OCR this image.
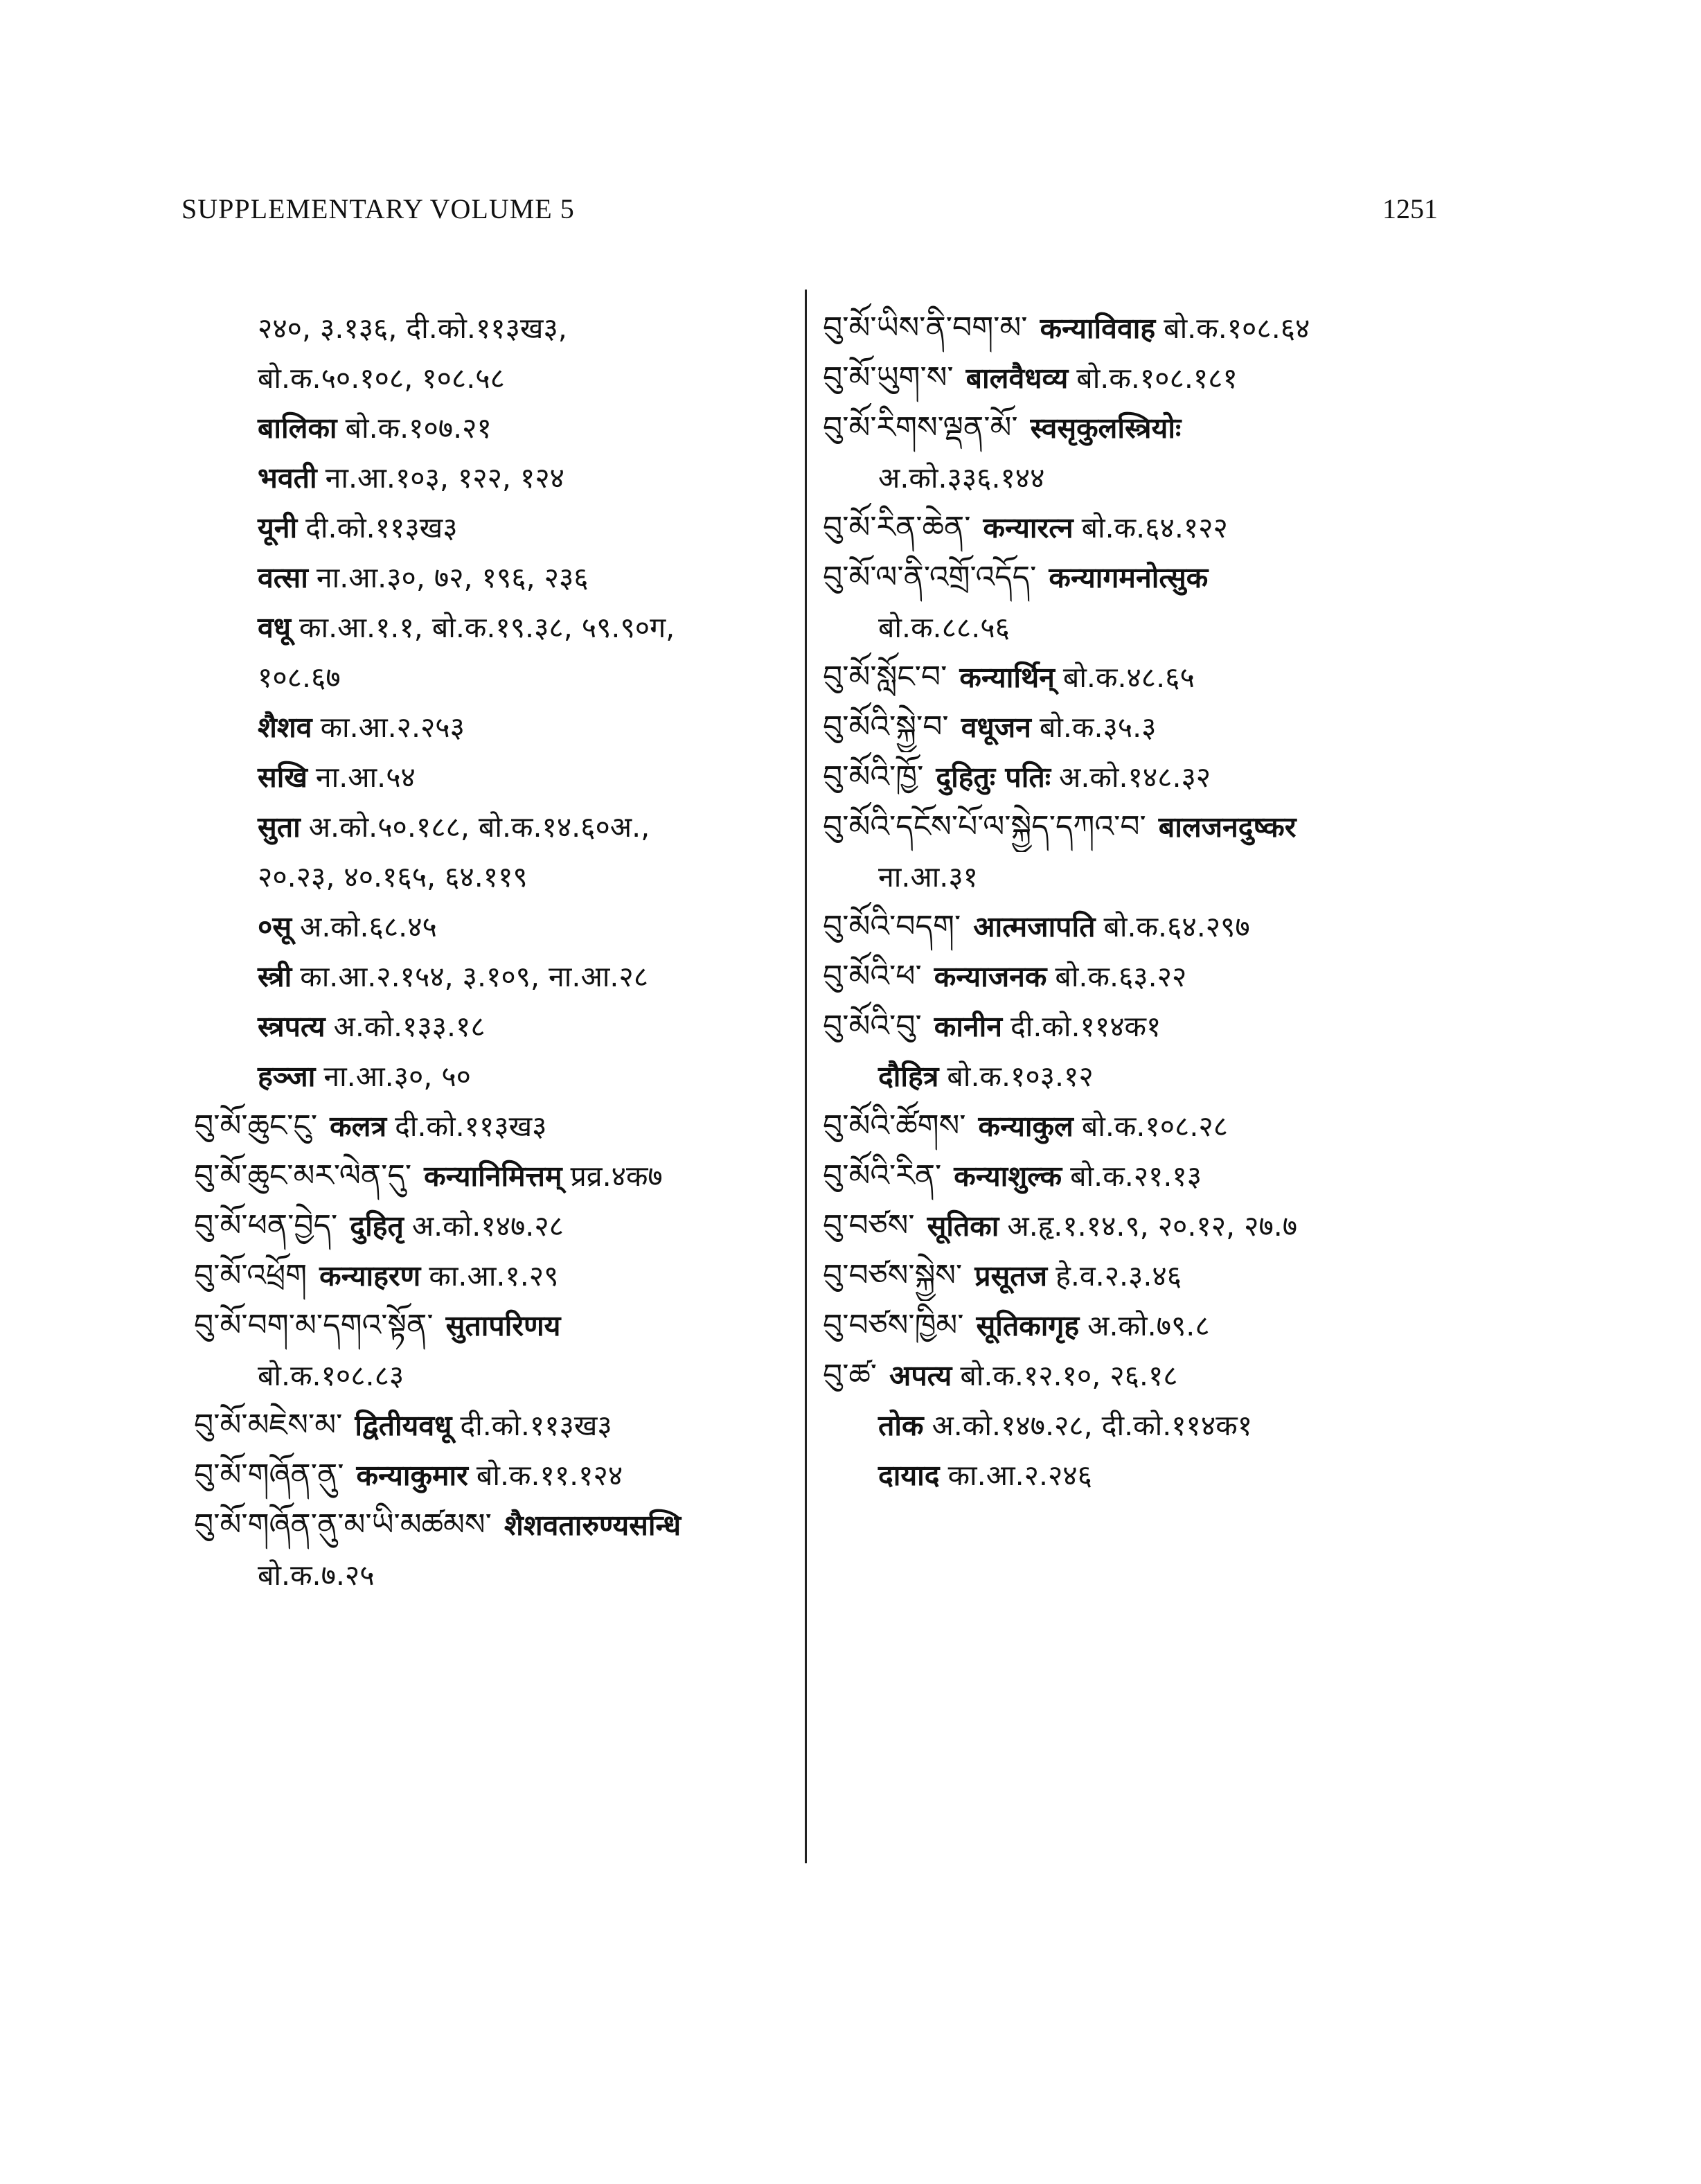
SUPPLEMENTARY VOLUME 5	1251
२४०, ३.१३६, दी.को.११३ख३,
बो.क.५०.१०८, १०८.५८
बालिका बो.क.१०७.२१
भवती ना.आ.१०३, १२२, १२४
यूनी दी.को.११३ख३
वत्सा ना.आ.३०, ७२, १९६, २३६
वधू का.आ.१.१, बो.क.१९.३८, ५९.९०ग,
१०८.६७
शैशव का.आ.२.२५३
सखि ना.आ.५४
सुता अ.को.५०.१८८, बो.क.१४.६०अ.,
२०.२३, ४०.१६५, ६४.११९
०सू अ.को.६८.४५
स्त्री का.आ.२.१५४, ३.१०९, ना.आ.२८
स्त्रपत्य अ.को.१३३.१८
हञ्जा ना.आ.३०, ५०
བུ་མོ་ཆུང་ངུ་ कलत्र दी.को.११३ख३
བུ་མོ་ཆུང་མར་ལེན་དུ་ कन्यानिमित्तम् प्रव्र.४क७
བུ་མོ་ཕན་བྱེད་ दुहितृ अ.को.१४७.२८
བུ་མོ་འཕྲོག कन्याहरण का.आ.१.२९
བུ་མོ་བག་མ་དགའ་སྟོན་ सुतापरिणय
बो.क.१०८.८३
བུ་མོ་མཇེས་མ་ द्वितीयवधू दी.को.११३ख३
བུ་མོ་གཞོན་ནུ་ कन्याकुमार बो.क.११.१२४
བུ་མོ་གཞོན་ནུ་མ་ཡི་མཚམས་ शैशवतारुण्यसन्धि
बो.क.७.२५
བུ་མོ་ཡིས་ནི་བག་མ་ कन्याविवाह बो.क.१०८.६४
བུ་མོ་ཡུག་ས་ बालवैधव्य बो.क.१०८.१८१
བུ་མོ་རིགས་ལྡན་མོ་ स्वसृकुलस्त्रियोः
अ.को.३३६.१४४
བུ་མོ་རིན་ཆེན་ कन्यारत्न बो.क.६४.१२२
བུ་མོ་ལ་ནི་འགྲོ་འདོད་ कन्यागमनोत्सुक
बो.क.८८.५६
བུ་མོ་སློང་བ་ कन्यार्थिन् बो.क.४८.६५
བུ་མོའི་སྐྱེ་བ་ वधूजन बो.क.३५.३
བུ་མོའི་ཁྱོ་ दुहितुः पतिः अ.को.१४८.३२
བུ་མོའི་དངོས་པོ་ལ་སྐྱེད་དཀའ་བ་ बालजनदुष्कर
ना.आ.३१
བུ་མོའི་བདག་ आत्मजापति बो.क.६४.२९७
བུ་མོའི་ཕ་ कन्याजनक बो.क.६३.२२
བུ་མོའི་བུ་ कानीन दी.को.११४क१
दौहित्र बो.क.१०३.१२
བུ་མོའི་ཚོགས་ कन्याकुल बो.क.१०८.२८
བུ་མོའི་རིན་ कन्याशुल्क बो.क.२१.१३
བུ་བཙས་ सूतिका अ.हृ.१.१४.९, २०.१२, २७.७
བུ་བཙས་སྐྱེས་ प्रसूतज हे.व.२.३.४६
བུ་བཙས་ཁྱིམ་ सूतिकागृह अ.को.७९.८
བུ་ཚ་ अपत्य बो.क.१२.१०, २६.१८
तोक अ.को.१४७.२८, दी.को.११४क१
दायाद का.आ.२.२४६
